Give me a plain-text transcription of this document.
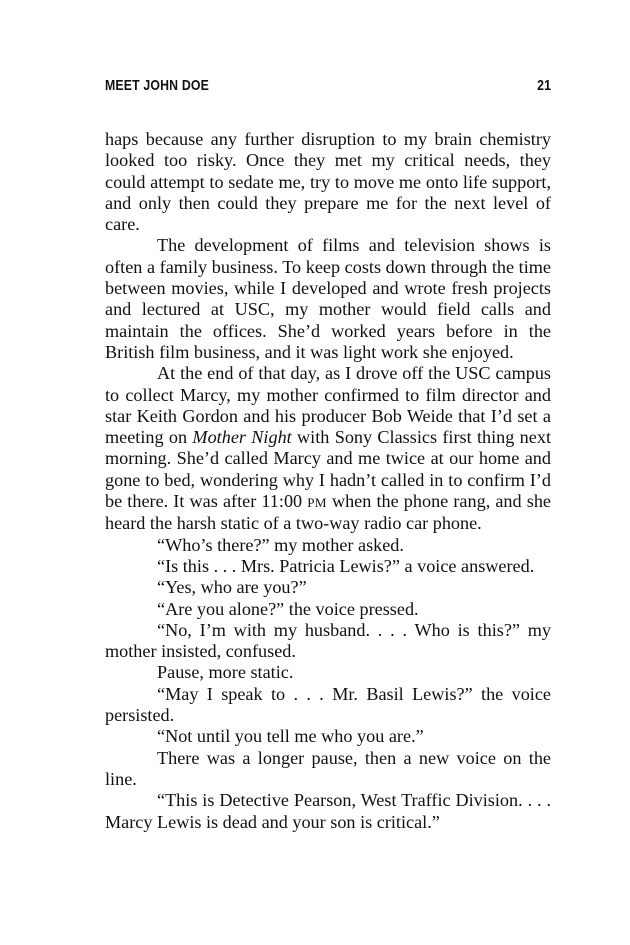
MEET JOHN DOE	21

haps because any further disruption to my brain chemistry looked too risky. Once they met my critical needs, they could attempt to sedate me, try to move me onto life support, and only then could they prepare me for the next level of care.

The development of films and television shows is often a family business. To keep costs down through the time between movies, while I developed and wrote fresh projects and lectured at USC, my mother would field calls and maintain the offices. She’d worked years before in the British film business, and it was light work she enjoyed.

At the end of that day, as I drove off the USC campus to collect Marcy, my mother confirmed to film director and star Keith Gordon and his producer Bob Weide that I’d set a meeting on Mother Night with Sony Classics first thing next morning. She’d called Marcy and me twice at our home and gone to bed, wondering why I hadn’t called in to confirm I’d be there. It was after 11:00 PM when the phone rang, and she heard the harsh static of a two-way radio car phone.

“Who’s there?” my mother asked.

“Is this . . . Mrs. Patricia Lewis?” a voice answered.

“Yes, who are you?”

“Are you alone?” the voice pressed.

“No, I’m with my husband. . . . Who is this?” my mother insisted, confused.

Pause, more static.

“May I speak to . . . Mr. Basil Lewis?” the voice persisted.

“Not until you tell me who you are.”

There was a longer pause, then a new voice on the line.

“This is Detective Pearson, West Traffic Division. . . . Marcy Lewis is dead and your son is critical.”
